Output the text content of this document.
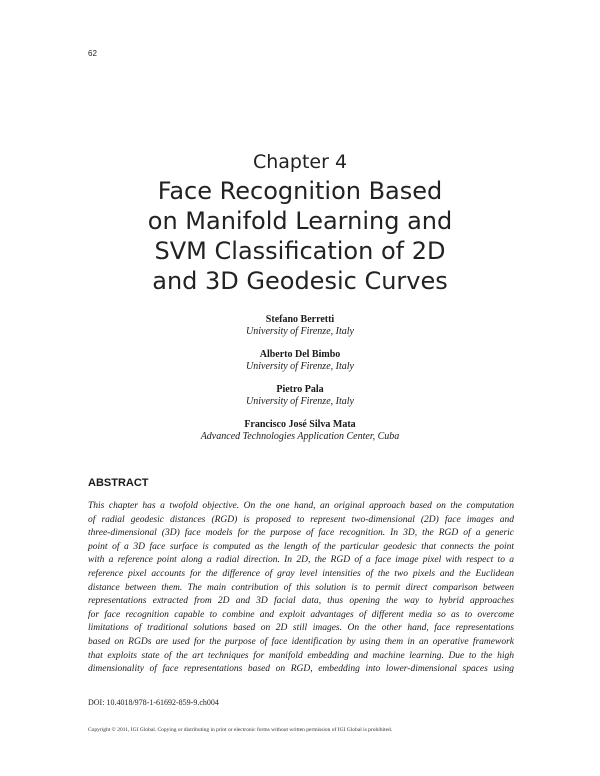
62
Chapter 4
Face Recognition Based
on Manifold Learning and
SVM Classification of 2D
and 3D Geodesic Curves
Stefano Berretti
University of Firenze, Italy
Alberto Del Bimbo
University of Firenze, Italy
Pietro Pala
University of Firenze, Italy
Francisco José Silva Mata
Advanced Technologies Application Center, Cuba
ABSTRACT
This chapter has a twofold objective. On the one hand, an original approach based on the computation
of radial geodesic distances (RGD) is proposed to represent two-dimensional (2D) face images and
three-dimensional (3D) face models for the purpose of face recognition. In 3D, the RGD of a generic
point of a 3D face surface is computed as the length of the particular geodesic that connects the point
with a reference point along a radial direction. In 2D, the RGD of a face image pixel with respect to a
reference pixel accounts for the difference of gray level intensities of the two pixels and the Euclidean
distance between them. The main contribution of this solution is to permit direct comparison between
representations extracted from 2D and 3D facial data, thus opening the way to hybrid approaches
for face recognition capable to combine and exploit advantages of different media so as to overcome
limitations of traditional solutions based on 2D still images. On the other hand, face representations
based on RGDs are used for the purpose of face identification by using them in an operative framework
that exploits state of the art techniques for manifold embedding and machine learning. Due to the high
dimensionality of face representations based on RGD, embedding into lower-dimensional spaces using
DOI: 10.4018/978-1-61692-859-9.ch004
Copyright © 2011, IGI Global. Copying or distributing in print or electronic forms without written permission of IGI Global is prohibited.
